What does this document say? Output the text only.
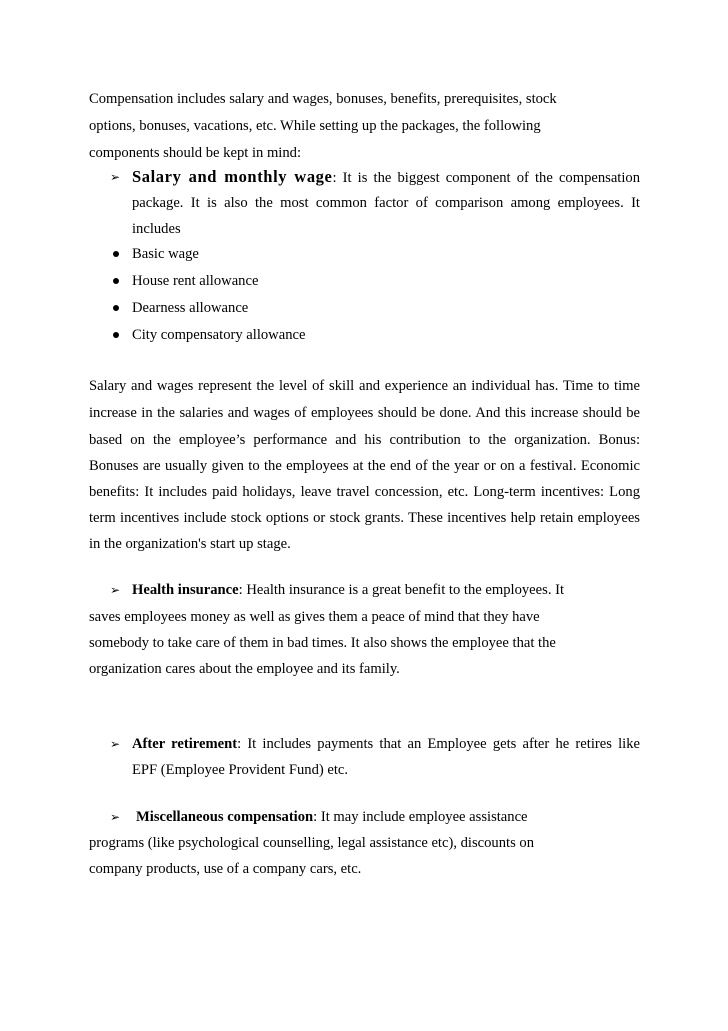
Compensation includes salary and wages, bonuses, benefits, prerequisites, stock
options, bonuses, vacations, etc. While setting up the packages, the following
components should be kept in mind:
➢ Salary and monthly wage: It is the biggest component of the compensation
package. It is also the most common factor of comparison among employees. It
includes
Basic wage
House rent allowance
Dearness allowance
City compensatory allowance
Salary and wages represent the level of skill and experience an individual has. Time to time
increase in the salaries and wages of employees should be done. And this increase should be
based on the employee’s performance and his contribution to the organization. Bonus:
Bonuses are usually given to the employees at the end of the year or on a festival. Economic
benefits: It includes paid holidays, leave travel concession, etc. Long-term incentives: Long
term incentives include stock options or stock grants. These incentives help retain employees
in the organization's start up stage.
➢ Health insurance: Health insurance is a great benefit to the employees. It
saves employees money as well as gives them a peace of mind that they have
somebody to take care of them in bad times. It also shows the employee that the
organization cares about the employee and its family.
➢ After retirement: It includes payments that an Employee gets after he retires like
EPF (Employee Provident Fund) etc.
➢ Miscellaneous compensation: It may include employee assistance
programs (like psychological counselling, legal assistance etc), discounts on
company products, use of a company cars, etc.
